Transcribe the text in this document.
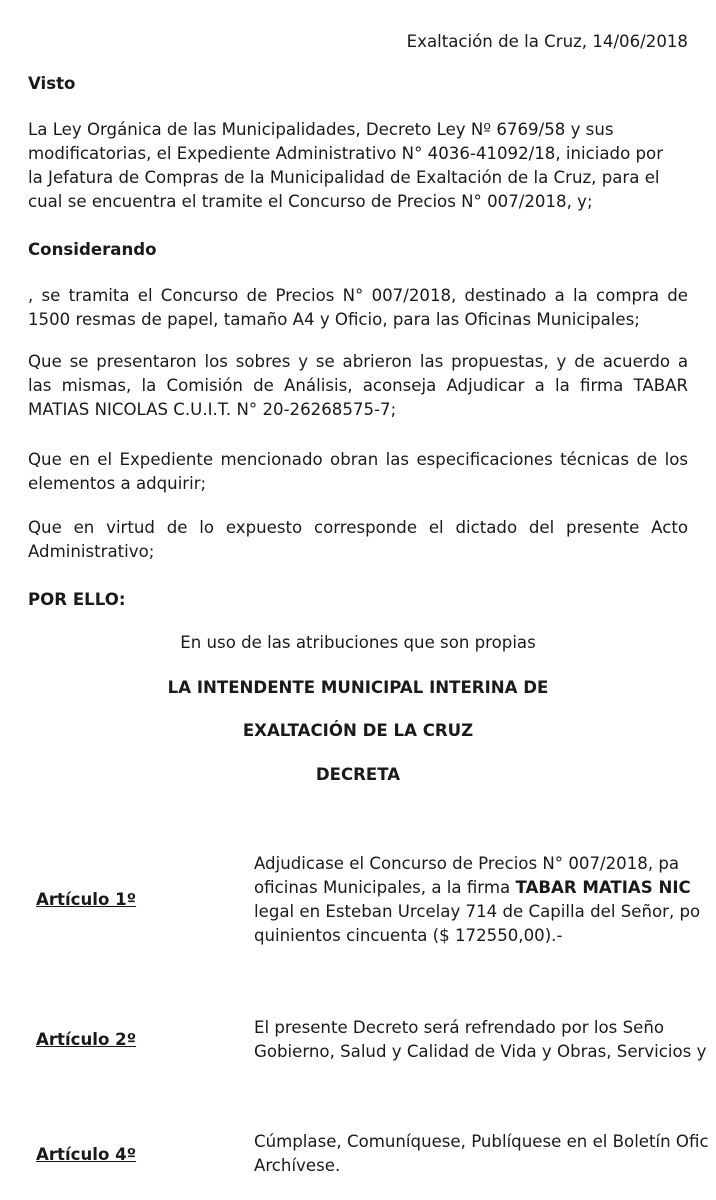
Exaltación de la Cruz, 14/06/2018
Visto
La Ley Orgánica de las Municipalidades, Decreto Ley Nº 6769/58 y sus
modificatorias, el Expediente Administrativo N° 4036-41092/18, iniciado por
la Jefatura de Compras de la Municipalidad de Exaltación de la Cruz, para el
cual se encuentra el tramite el Concurso de Precios N° 007/2018, y;
Considerando
, se tramita el Concurso de Precios N° 007/2018, destinado a la compra de
1500 resmas de papel, tamaño A4 y Oficio, para las Oficinas Municipales;
Que se presentaron los sobres y se abrieron las propuestas, y de acuerdo a
las mismas, la Comisión de Análisis, aconseja Adjudicar a la firma TABAR
MATIAS NICOLAS C.U.I.T. N° 20-26268575-7;
Que en el Expediente mencionado obran las especificaciones técnicas de los
elementos a adquirir;
Que en virtud de lo expuesto corresponde el dictado del presente Acto
Administrativo;
POR ELLO:
En uso de las atribuciones que son propias
LA INTENDENTE MUNICIPAL INTERINA DE
EXALTACIÓN DE LA CRUZ
DECRETA
Artículo 1º
Adjudicase el Concurso de Precios N° 007/2018, pa
oficinas Municipales, a la firma TABAR MATIAS NIC
legal en Esteban Urcelay 714 de Capilla del Señor, po
quinientos cincuenta ($ 172550,00).-
Artículo 2º
El presente Decreto será refrendado por los Seño
Gobierno, Salud y Calidad de Vida y Obras, Servicios y
Artículo 4º
Cúmplase, Comuníquese, Publíquese en el Boletín Ofic
Archívese.
